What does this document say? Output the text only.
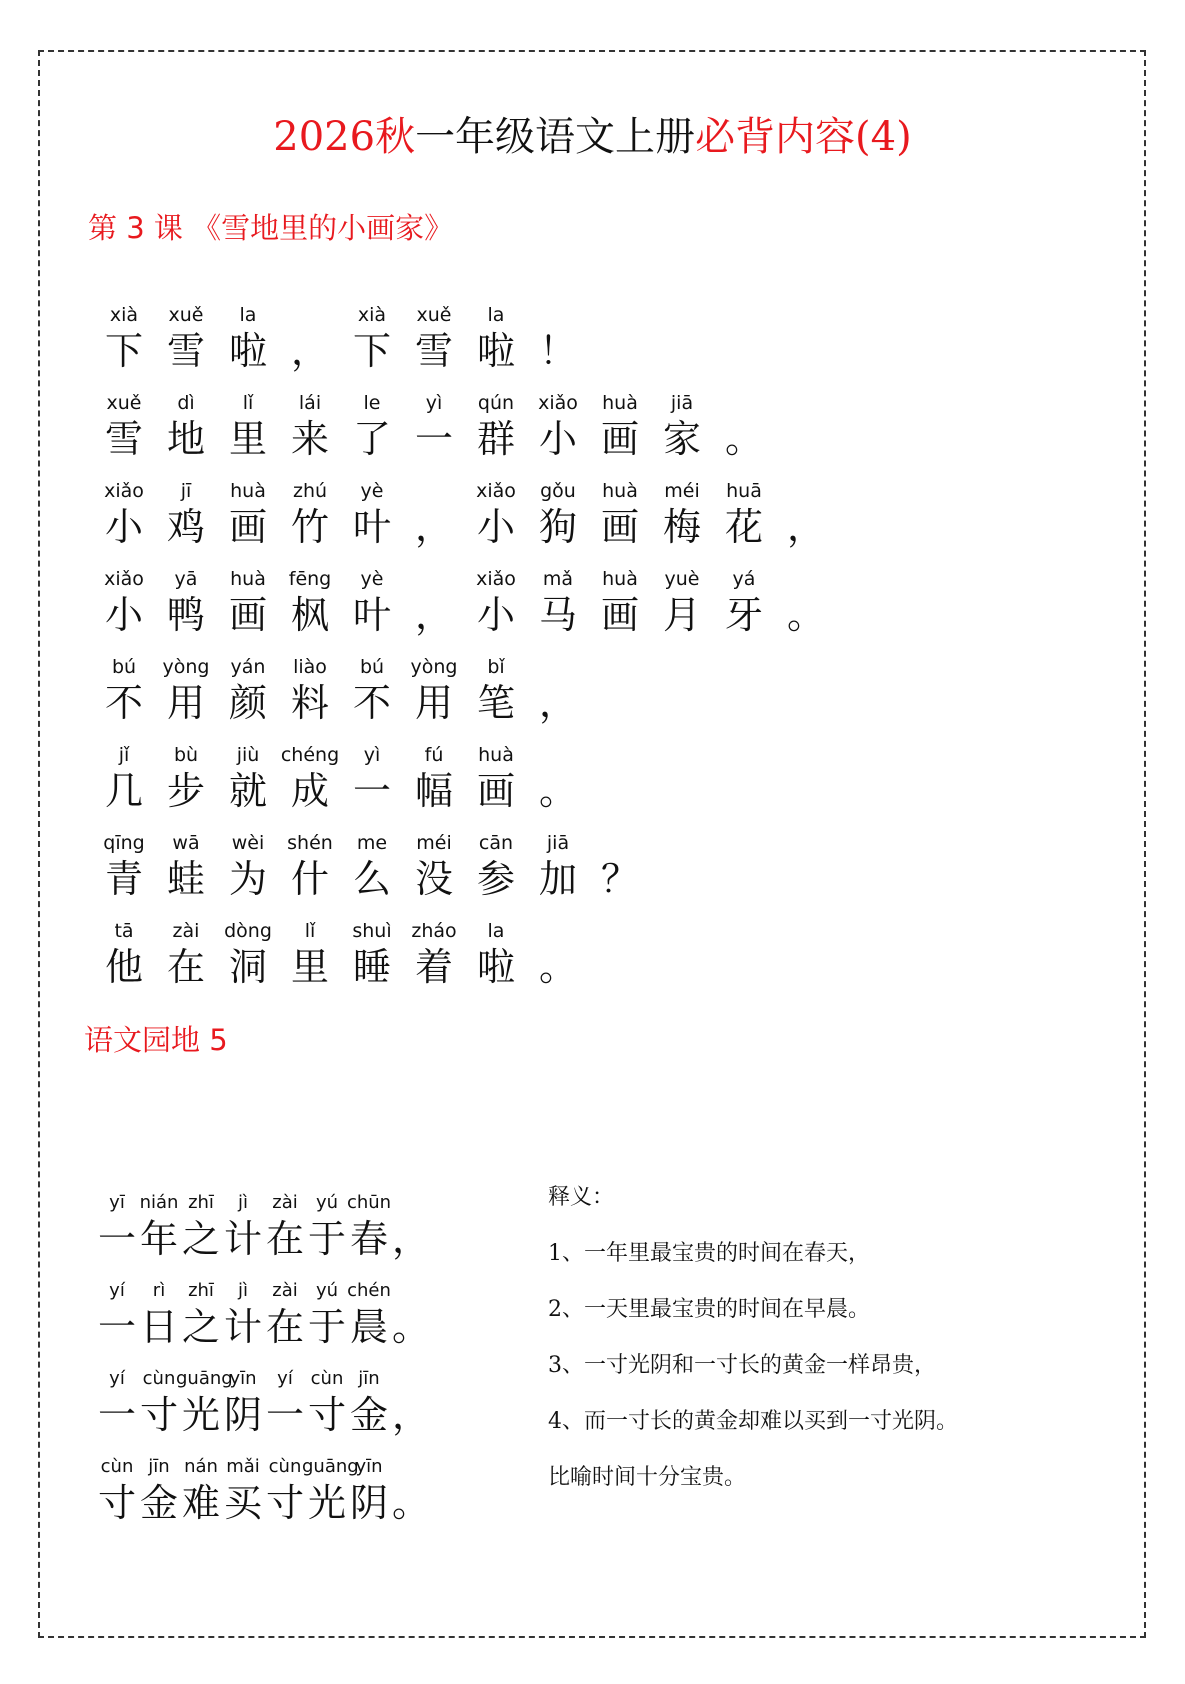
2026秋一年级语文上册必背内容(4)
第 3 课 《雪地里的小画家》
xià
下
xuě
雪
la
啦 ，
xià
下
xuě
雪
la
啦 ！
xuě
雪
dì
地
lǐ
里
lái
来
le
了
yì
一
qún
群
xiǎo
小
huà
画
jiā
家 。
xiǎo
小
jī
鸡
huà
画
zhú
竹
yè
叶 ，
xiǎo
小
gǒu
狗
huà
画
méi
梅
huā
花 ，
xiǎo
小
yā
鸭
huà
画
fēng
枫
yè
叶 ，
xiǎo
小
mǎ
马
huà
画
yuè
月
yá
牙 。
bú
不
yòng
用
yán
颜
liào
料
bú
不
yòng
用
bǐ
笔 ，
jǐ
几
bù
步
jiù
就
chéng
成
yì
一
fú
幅
huà
画 。
qīng
青
wā
蛙
wèi
为
shén
什
me
么
méi
没
cān
参
jiā
加 ？
tā
他
zài
在
dòng
洞
lǐ
里
shuì
睡
zháo
着
la
啦 。
语文园地 5
yī
一
nián
年
zhī
之
jì
计
zài
在
yú
于
chūn
春 ，
yí
一
rì
日
zhī
之
jì
计
zài
在
yú
于
chén
晨 。
yí
一
cùn
寸
guāng
光
yīn
阴
yí
一
cùn
寸
jīn
金 ，
cùn
寸
jīn
金
nán
难
mǎi
买
cùn
寸
guāng
光
yīn
阴 。
释义：
1、一年里最宝贵的时间在春天，
2、一天里最宝贵的时间在早晨。
3、一寸光阴和一寸长的黄金一样昂贵，
4、而一寸长的黄金却难以买到一寸光阴。
比喻时间十分宝贵。
